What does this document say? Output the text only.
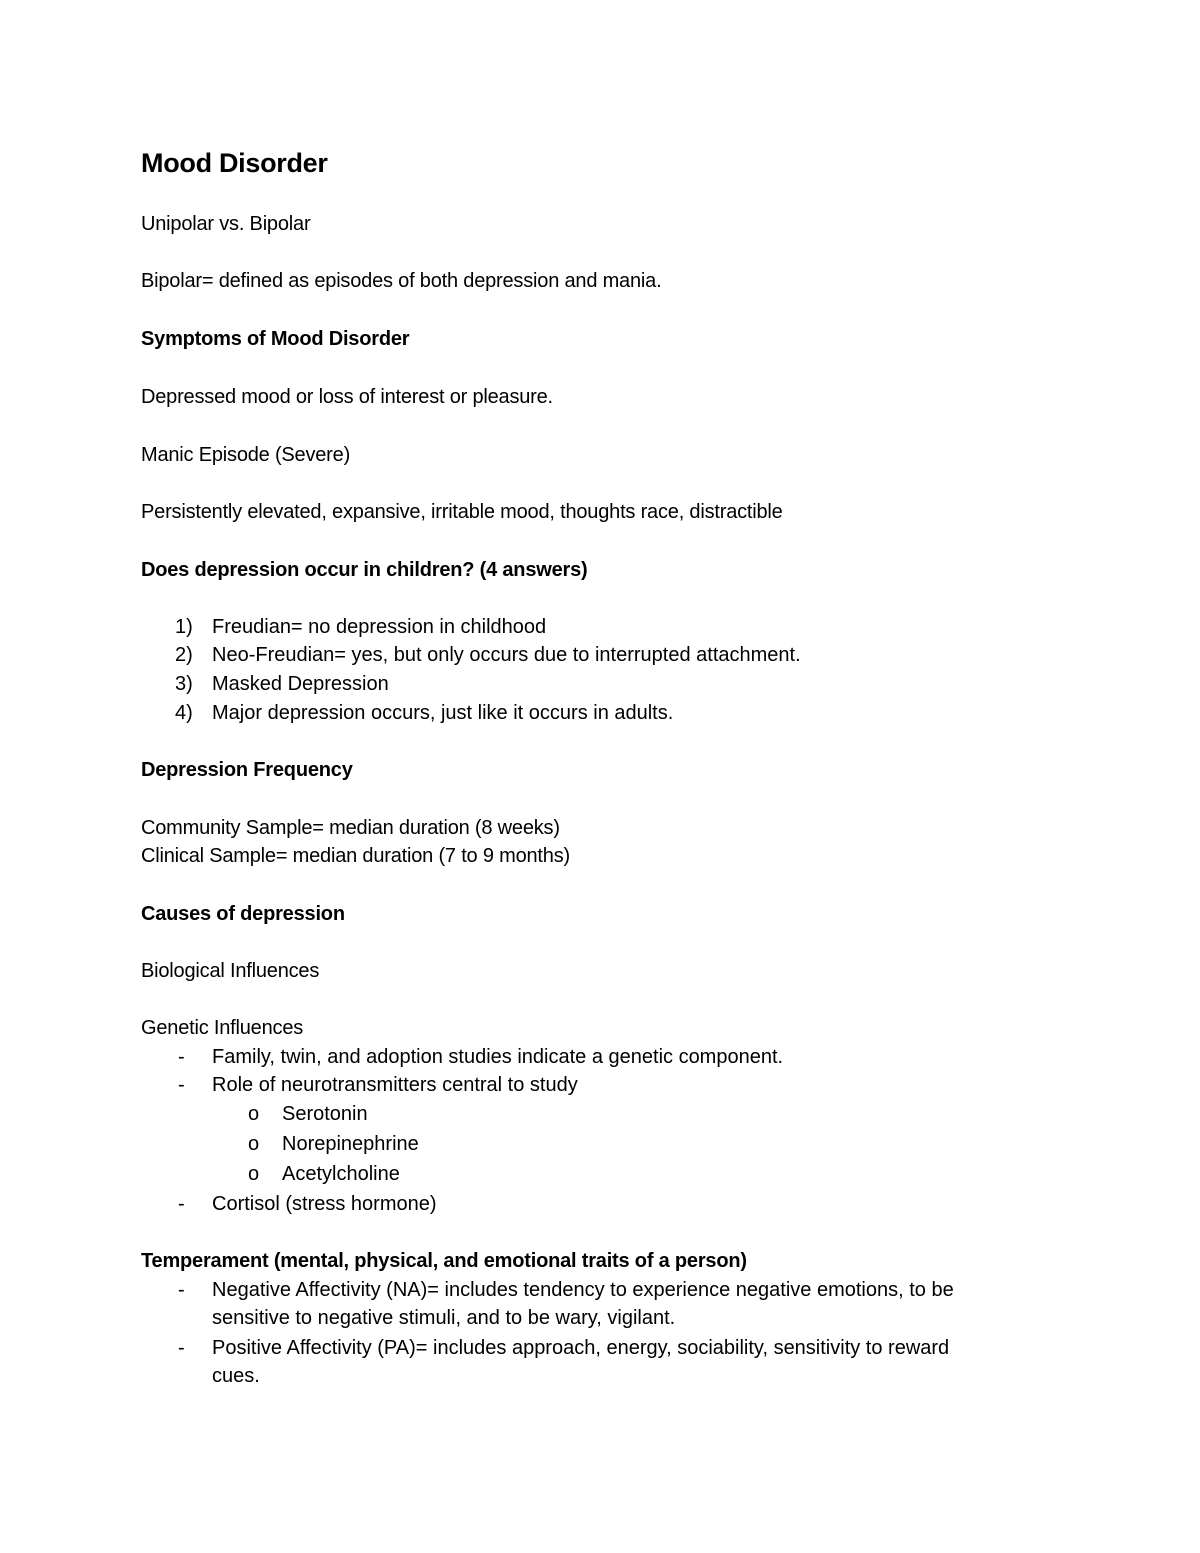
Mood Disorder

Unipolar vs. Bipolar

Bipolar= defined as episodes of both depression and mania.

Symptoms of Mood Disorder

Depressed mood or loss of interest or pleasure.

Manic Episode (Severe)

Persistently elevated, expansive, irritable mood, thoughts race, distractible

Does depression occur in children? (4 answers)

1) Freudian= no depression in childhood
2) Neo-Freudian= yes, but only occurs due to interrupted attachment.
3) Masked Depression
4) Major depression occurs, just like it occurs in adults.

Depression Frequency

Community Sample= median duration (8 weeks)

Clinical Sample= median duration (7 to 9 months)

Causes of depression

Biological Influences

Genetic Influences

- Family, twin, and adoption studies indicate a genetic component.
- Role of neurotransmitters central to study
o Serotonin
o Norepinephrine
o Acetylcholine
- Cortisol (stress hormone)

Temperament (mental, physical, and emotional traits of a person)

- Negative Affectivity (NA)= includes tendency to experience negative emotions, to be
sensitive to negative stimuli, and to be wary, vigilant.
- Positive Affectivity (PA)= includes approach, energy, sociability, sensitivity to reward
cues.
